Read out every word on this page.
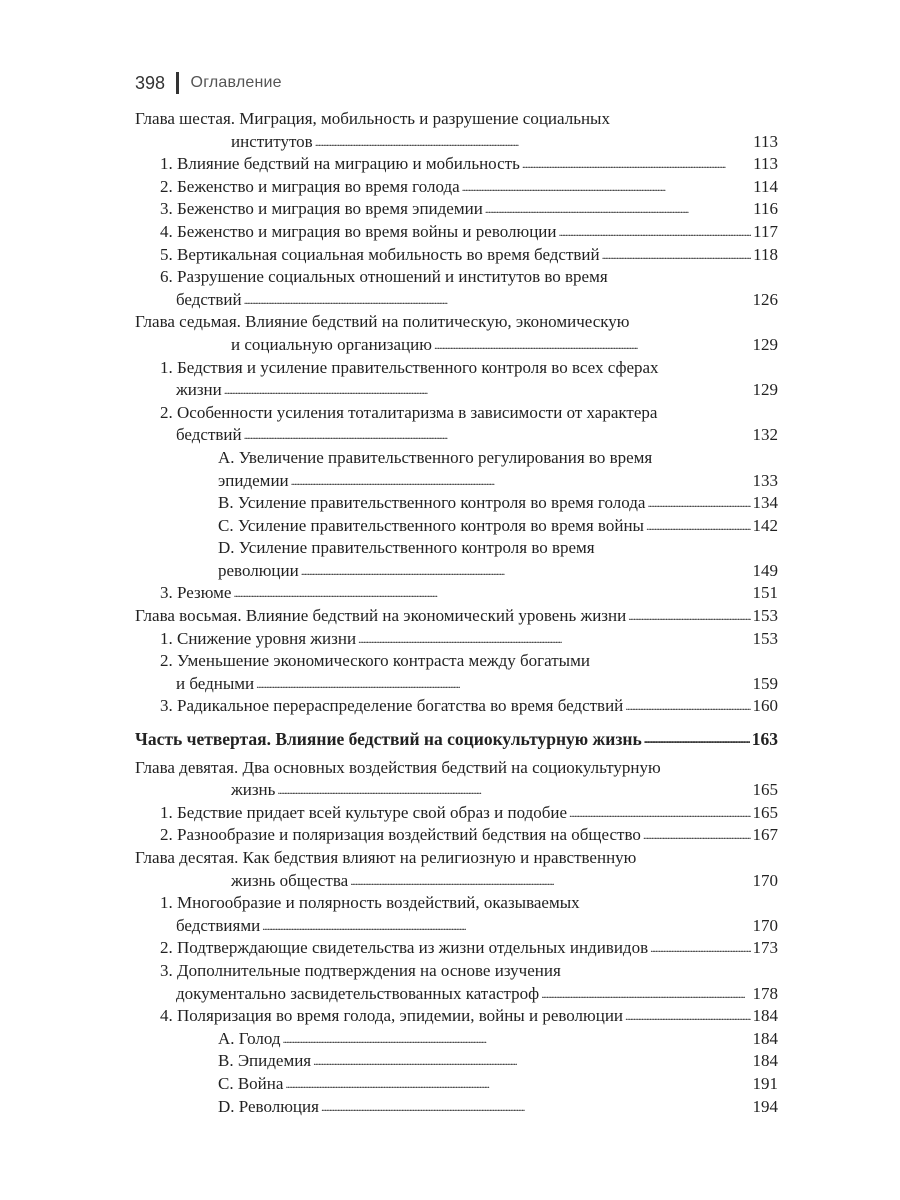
398 Оглавление
Глава шестая. Миграция, мобильность и разрушение социальных
институтов . . .	113
1. Влияние бедствий на миграцию и мобильность . . .	113
2. Беженство и миграция во время голода . . .	114
3. Беженство и миграция во время эпидемии . . .	116
4. Беженство и миграция во время войны и революции . . .	117
5. Вертикальная социальная мобильность во время бедствий . . .	118
6. Разрушение социальных отношений и институтов во время
бедствий . . .	126
Глава седьмая. Влияние бедствий на политическую, экономическую
и социальную организацию . . .	129
1. Бедствия и усиление правительственного контроля во всех сферах
жизни . . .	129
2. Особенности усиления тоталитаризма в зависимости от характера
бедствий . . .	132
A. Увеличение правительственного регулирования во время
эпидемии . . .	133
B. Усиление правительственного контроля во время голода . . .	134
C. Усиление правительственного контроля во время войны . . .	142
D. Усиление правительственного контроля во время
революции . . .	149
3. Резюме . . .	151
Глава восьмая. Влияние бедствий на экономический уровень жизни . . .	153
1. Снижение уровня жизни . . .	153
2. Уменьшение экономического контраста между богатыми
и бедными . . .	159
3. Радикальное перераспределение богатства во время бедствий . . .	160
Часть четвертая. Влияние бедствий на социокультурную жизнь . . .	163
Глава девятая. Два основных воздействия бедствий на социокультурную
жизнь . . .	165
1. Бедствие придает всей культуре свой образ и подобие . . .	165
2. Разнообразие и поляризация воздействий бедствия на общество . . .	167
Глава десятая. Как бедствия влияют на религиозную и нравственную
жизнь общества . . .	170
1. Многообразие и полярность воздействий, оказываемых
бедствиями . . .	170
2. Подтверждающие свидетельства из жизни отдельных индивидов . . .	173
3. Дополнительные подтверждения на основе изучения
документально засвидетельствованных катастроф . . .	178
4. Поляризация во время голода, эпидемии, войны и революции . . .	184
A. Голод . . .	184
B. Эпидемия . . .	184
C. Война . . .	191
D. Революция . . .	194
